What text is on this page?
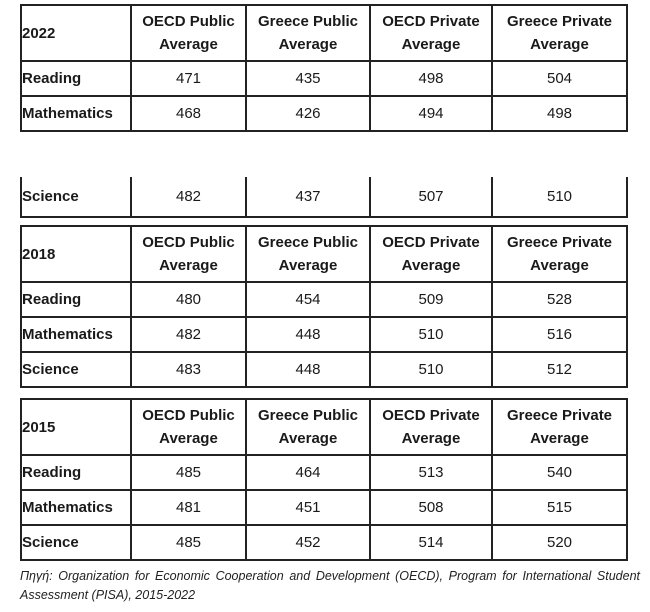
2022	OECD Public Average	Greece Public Average	OECD Private Average	Greece Private Average
Reading	471	435	498	504
Mathematics	468	426	494	498
Science	482	437	507	510
2018	OECD Public Average	Greece Public Average	OECD Private Average	Greece Private Average
Reading	480	454	509	528
Mathematics	482	448	510	516
Science	483	448	510	512
2015	OECD Public Average	Greece Public Average	OECD Private Average	Greece Private Average
Reading	485	464	513	540
Mathematics	481	451	508	515
Science	485	452	514	520
Πηγή: Organization for Economic Cooperation and Development (OECD), Program for International Student Assessment (PISA), 2015-2022
